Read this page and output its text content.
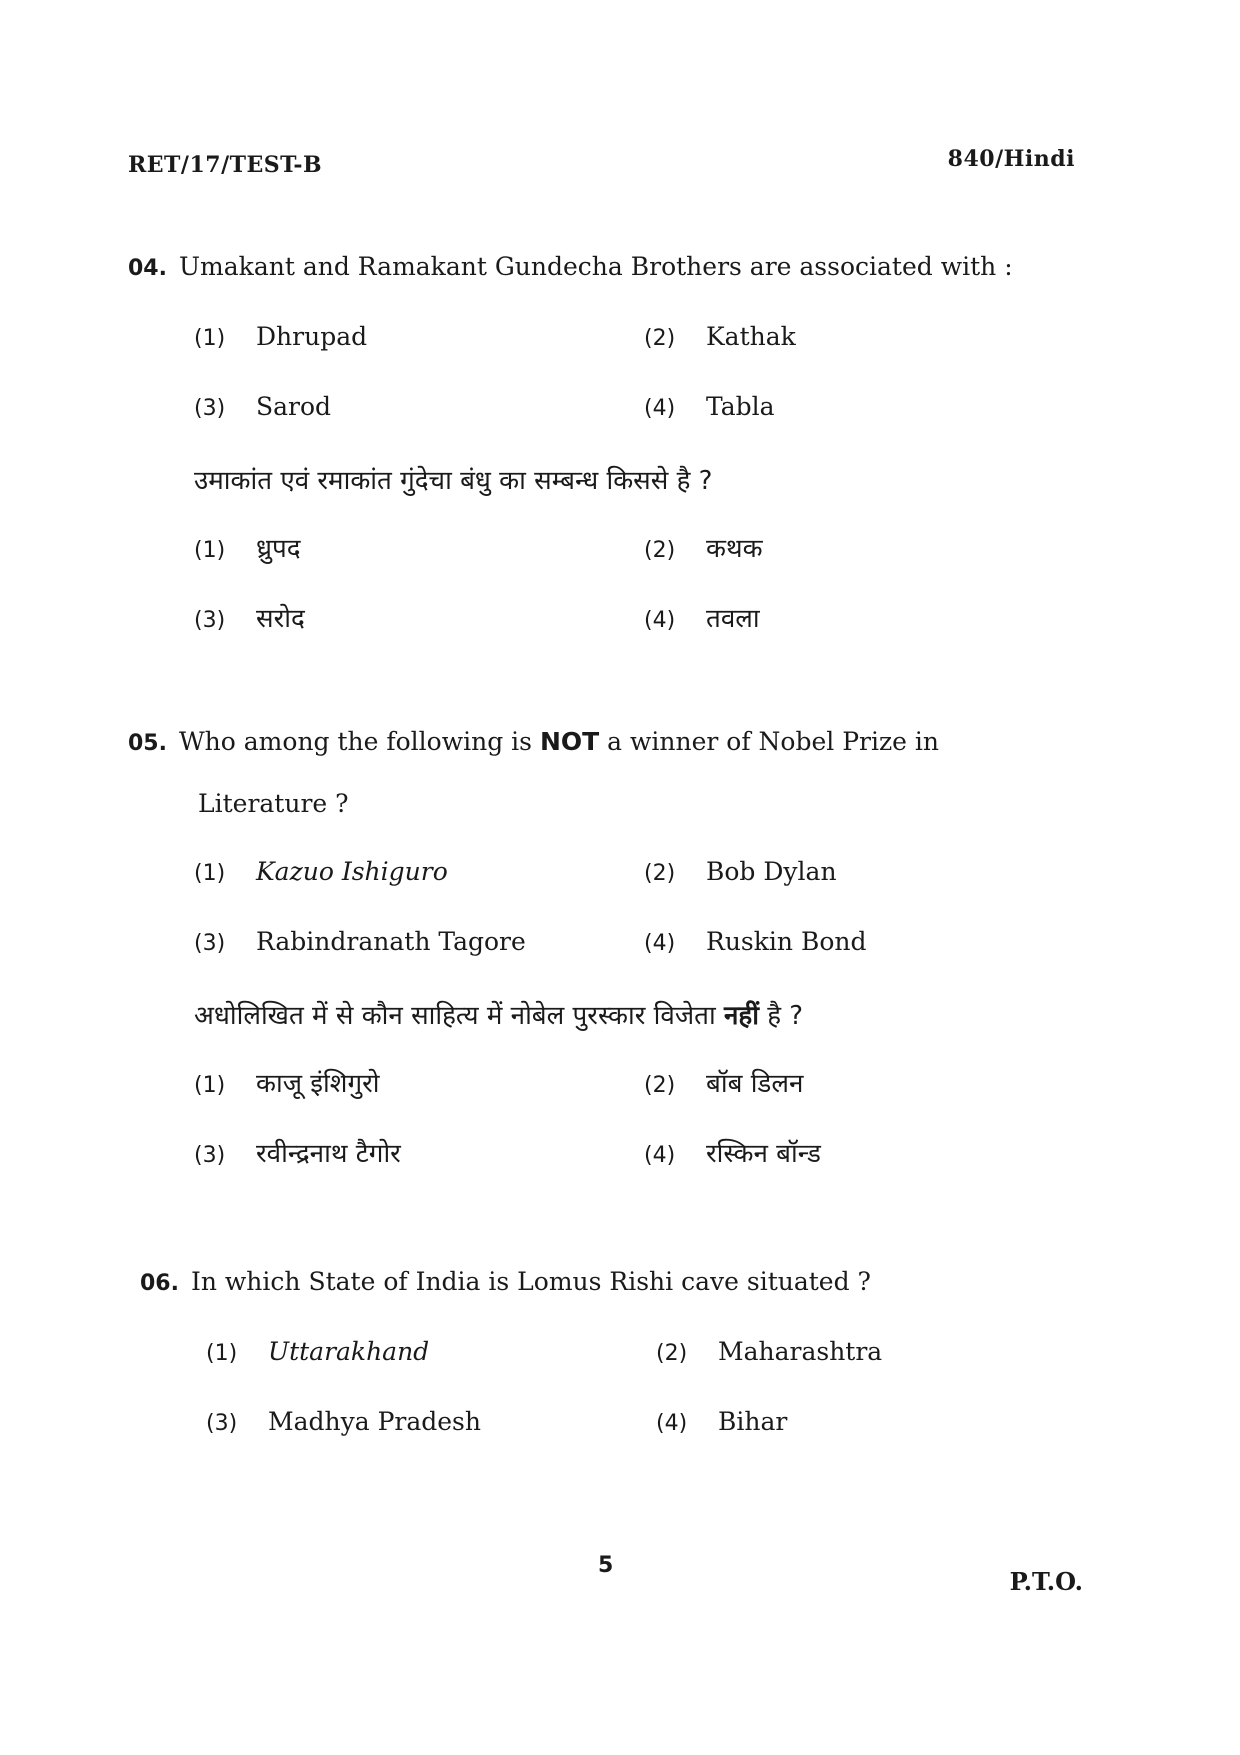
RET/17/TEST-B	840/Hindi
04. Umakant and Ramakant Gundecha Brothers are associated with :
(1) Dhrupad	(2) Kathak
(3) Sarod	(4) Tabla
उमाकांत एवं रमाकांत गुंदेचा बंधु का सम्बन्ध किससे है ?
(1) ध्रुपद	(2) कथक
(3) सरोद	(4) तवला
05. Who among the following is NOT a winner of Nobel Prize in
Literature ?
(1) Kazuo Ishiguro	(2) Bob Dylan
(3) Rabindranath Tagore	(4) Ruskin Bond
अधोलिखित में से कौन साहित्य में नोबेल पुरस्कार विजेता नहीं है ?
(1) काजू इंशिगुरो	(2) बॉब डिलन
(3) रवीन्द्रनाथ टैगोर	(4) रस्किन बॉन्ड
06. In which State of India is Lomus Rishi cave situated ?
(1) Uttarakhand	(2) Maharashtra
(3) Madhya Pradesh	(4) Bihar
5
P.T.O.
